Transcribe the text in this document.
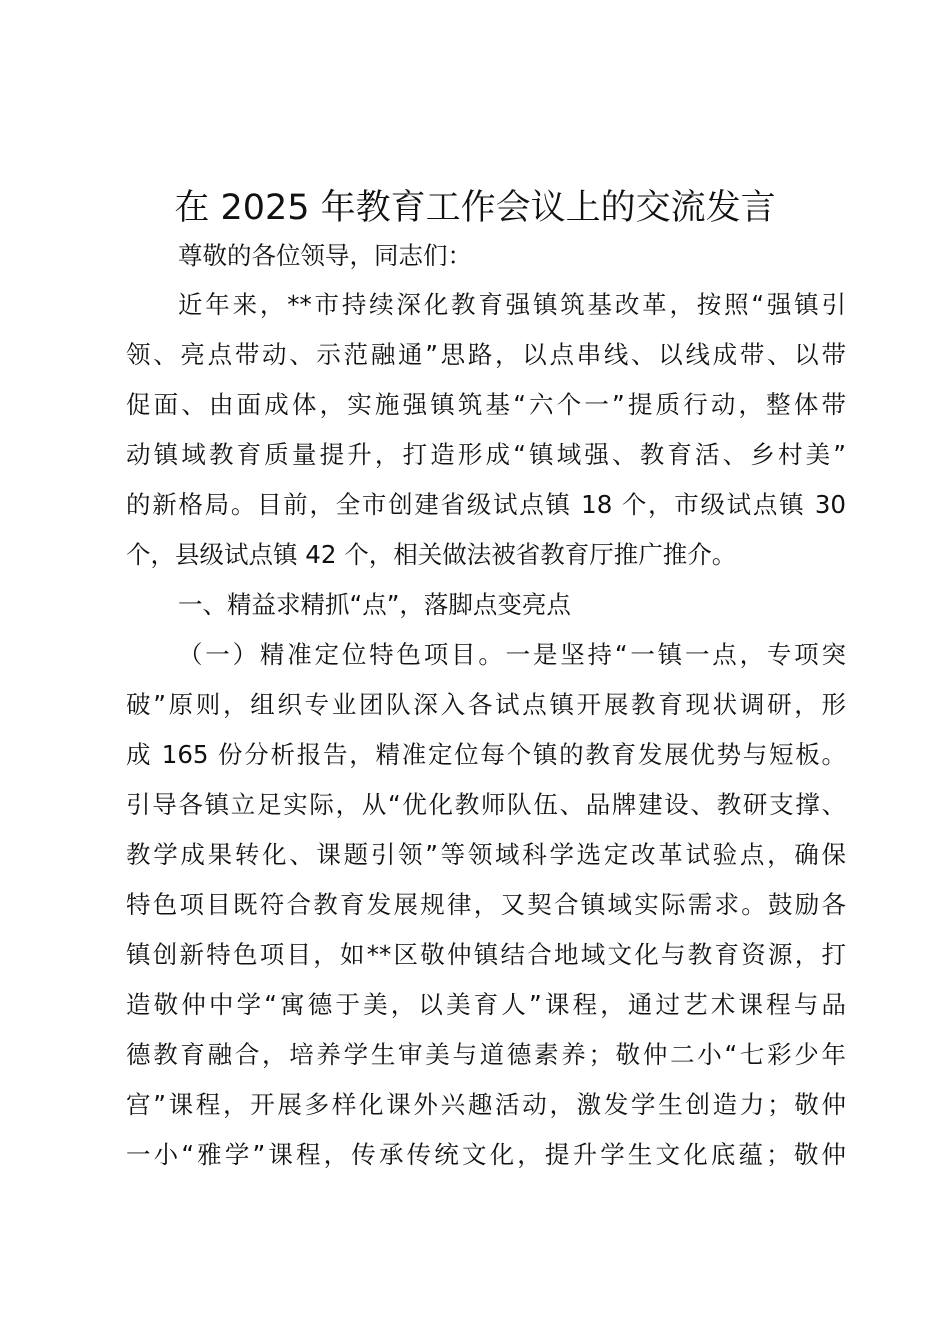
在 2025 年教育工作会议上的交流发言
尊敬的各位领导，同志们：
近年来，**市持续深化教育强镇筑基改革，按照“强镇引
领、亮点带动、示范融通”思路，以点串线、以线成带、以带
促面、由面成体，实施强镇筑基“六个一”提质行动，整体带
动镇域教育质量提升，打造形成“镇域强、教育活、乡村美”
的新格局。目前，全市创建省级试点镇 18 个，市级试点镇 30
个，县级试点镇 42 个，相关做法被省教育厅推广推介。
一、精益求精抓“点”，落脚点变亮点
（一）精准定位特色项目。一是坚持“一镇一点，专项突
破”原则，组织专业团队深入各试点镇开展教育现状调研，形
成 165 份分析报告，精准定位每个镇的教育发展优势与短板。
引导各镇立足实际，从“优化教师队伍、品牌建设、教研支撑、
教学成果转化、课题引领”等领域科学选定改革试验点，确保
特色项目既符合教育发展规律，又契合镇域实际需求。鼓励各
镇创新特色项目，如**区敬仲镇结合地域文化与教育资源，打
造敬仲中学“寓德于美，以美育人”课程，通过艺术课程与品
德教育融合，培养学生审美与道德素养；敬仲二小“七彩少年
宫”课程，开展多样化课外兴趣活动，激发学生创造力；敬仲
一小“雅学”课程，传承传统文化，提升学生文化底蕴；敬仲
